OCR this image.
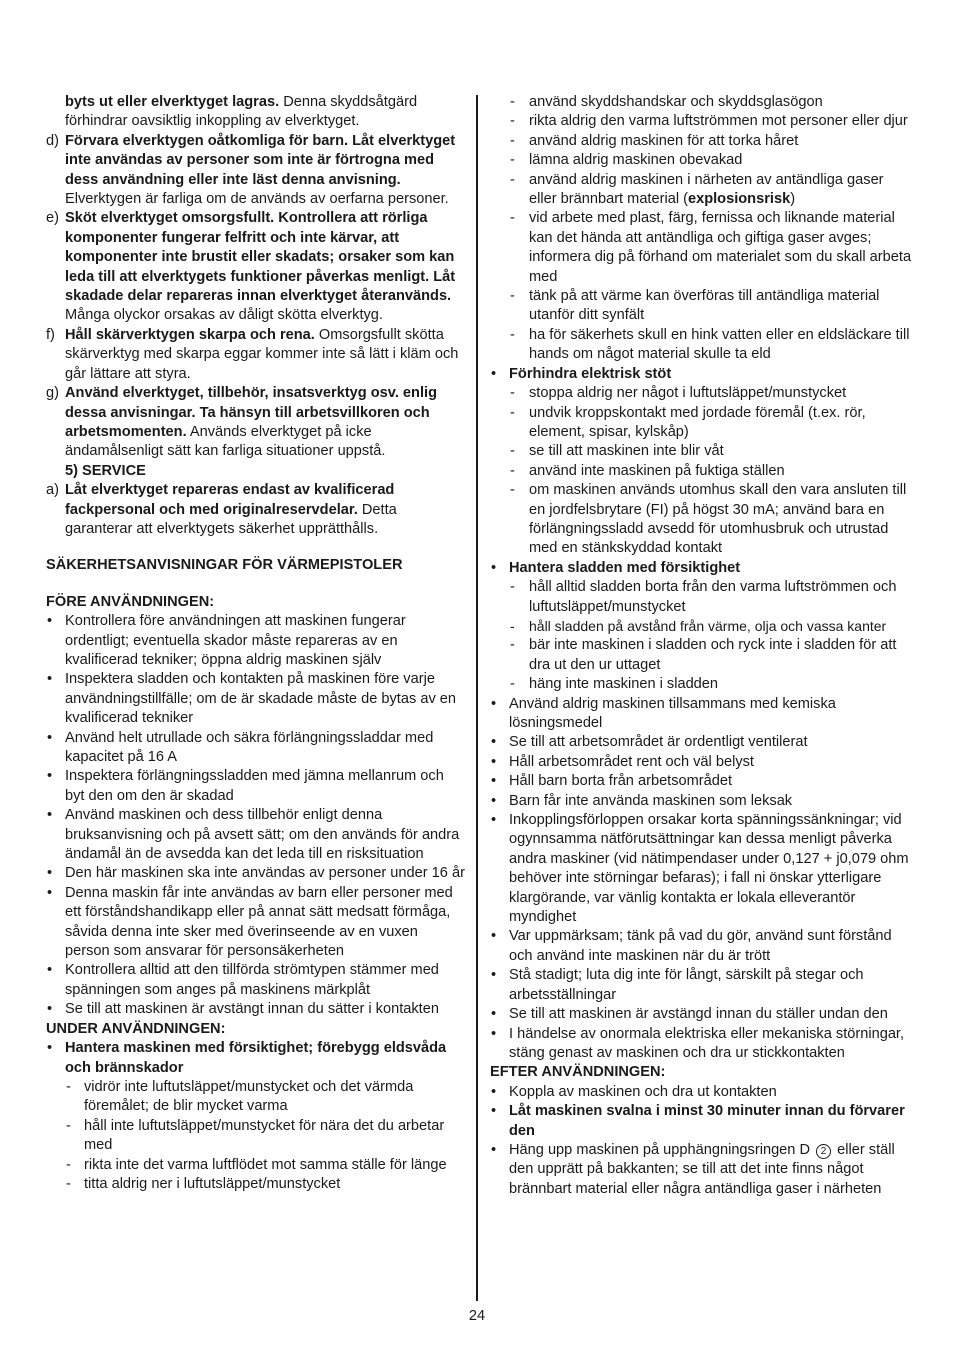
byts ut eller elverktyget lagras. Denna skyddsåtgärd förhindrar oavsiktlig inkoppling av elverktyget.
d) Förvara elverktygen oåtkomliga för barn. Låt elverktyget inte användas av personer som inte är förtrogna med dess användning eller inte läst denna anvisning. Elverktygen är farliga om de används av oerfarna personer.
e) Sköt elverktyget omsorgsfullt. Kontrollera att rörliga komponenter fungerar felfritt och inte kärvar, att komponenter inte brustit eller skadats; orsaker som kan leda till att elverktygets funktioner påverkas menligt. Låt skadade delar repareras innan elverktyget återanvänds. Många olyckor orsakas av dåligt skötta elverktyg.
f) Håll skärverktygen skarpa och rena. Omsorgsfullt skötta skärverktyg med skarpa eggar kommer inte så lätt i kläm och går lättare att styra.
g) Använd elverktyget, tillbehör, insatsverktyg osv. enlig dessa anvisningar. Ta hänsyn till arbetsvillkoren och arbetsmomenten. Används elverktyget på icke ändamålsenligt sätt kan farliga situationer uppstå.
5) SERVICE
a) Låt elverktyget repareras endast av kvalificerad fackpersonal och med originalreservdelar. Detta garanterar att elverktygets säkerhet upprätthålls.
SÄKERHETSANVISNINGAR FÖR VÄRMEPISTOLER
FÖRE ANVÄNDNINGEN:
• Kontrollera före användningen att maskinen fungerar ordentligt; eventuella skador måste repareras av en kvalificerad tekniker; öppna aldrig maskinen själv
• Inspektera sladden och kontakten på maskinen före varje användningstillfälle; om de är skadade måste de bytas av en kvalificerad tekniker
• Använd helt utrullade och säkra förlängningssladdar med kapacitet på 16 A
• Inspektera förlängningssladden med jämna mellanrum och byt den om den är skadad
• Använd maskinen och dess tillbehör enligt denna bruksanvisning och på avsett sätt; om den används för andra ändamål än de avsedda kan det leda till en risksituation
• Den här maskinen ska inte användas av personer under 16 år
• Denna maskin får inte användas av barn eller personer med ett förståndshandikapp eller på annat sätt medsatt förmåga, såvida denna inte sker med överinseende av en vuxen person som ansvarar för personsäkerheten
• Kontrollera alltid att den tillförda strömtypen stämmer med spänningen som anges på maskinens märkplåt
• Se till att maskinen är avstängt innan du sätter i kontakten
UNDER ANVÄNDNINGEN:
• Hantera maskinen med försiktighet; förebygg eldsvåda och brännskador
- vidrör inte luftutsläppet/munstycket och det värmda föremålet; de blir mycket varma
- håll inte luftutsläppet/munstycket för nära det du arbetar med
- rikta inte det varma luftflödet mot samma ställe för länge
- titta aldrig ner i luftutsläppet/munstycket
- använd skyddshandskar och skyddsglasögon
- rikta aldrig den varma luftströmmen mot personer eller djur
- använd aldrig maskinen för att torka håret
- lämna aldrig maskinen obevakad
- använd aldrig maskinen i närheten av antändliga gaser eller brännbart material (explosionsrisk)
- vid arbete med plast, färg, fernissa och liknande material kan det hända att antändliga och giftiga gaser avges; informera dig på förhand om materialet som du skall arbeta med
- tänk på att värme kan överföras till antändliga material utanför ditt synfält
- ha för säkerhets skull en hink vatten eller en eldsläckare till hands om något material skulle ta eld
• Förhindra elektrisk stöt
- stoppa aldrig ner något i luftutsläppet/munstycket
- undvik kroppskontakt med jordade föremål (t.ex. rör, element, spisar, kylskåp)
- se till att maskinen inte blir våt
- använd inte maskinen på fuktiga ställen
- om maskinen används utomhus skall den vara ansluten till en jordfelsbrytare (FI) på högst 30 mA; använd bara en förlängningssladd avsedd för utomhusbruk och utrustad med en stänkskyddad kontakt
• Hantera sladden med försiktighet
- håll alltid sladden borta från den varma luftströmmen och luftutsläppet/munstycket
- håll sladden på avstånd från värme, olja och vassa kanter
- bär inte maskinen i sladden och ryck inte i sladden för att dra ut den ur uttaget
- häng inte maskinen i sladden
• Använd aldrig maskinen tillsammans med kemiska lösningsmedel
• Se till att arbetsområdet är ordentligt ventilerat
• Håll arbetsområdet rent och väl belyst
• Håll barn borta från arbetsområdet
• Barn får inte använda maskinen som leksak
• Inkopplingsförloppen orsakar korta spänningssänkningar; vid ogynnsamma nätförutsättningar kan dessa menligt påverka andra maskiner (vid nätimpendaser under 0,127 + j0,079 ohm behöver inte störningar befaras); i fall ni önskar ytterligare klargörande, var vänlig kontakta er lokala elleverantör myndighet
• Var uppmärksam; tänk på vad du gör, använd sunt förstånd och använd inte maskinen när du är trött
• Stå stadigt; luta dig inte för långt, särskilt på stegar och arbetsställningar
• Se till att maskinen är avstängd innan du ställer undan den
• I händelse av onormala elektriska eller mekaniska störningar, stäng genast av maskinen och dra ur stickkontakten
EFTER ANVÄNDNINGEN:
• Koppla av maskinen och dra ut kontakten
• Låt maskinen svalna i minst 30 minuter innan du förvarer den
• Häng upp maskinen på upphängningsringen D 2 eller ställ den upprätt på bakkanten; se till att det inte finns något brännbart material eller några antändliga gaser i närheten
24
